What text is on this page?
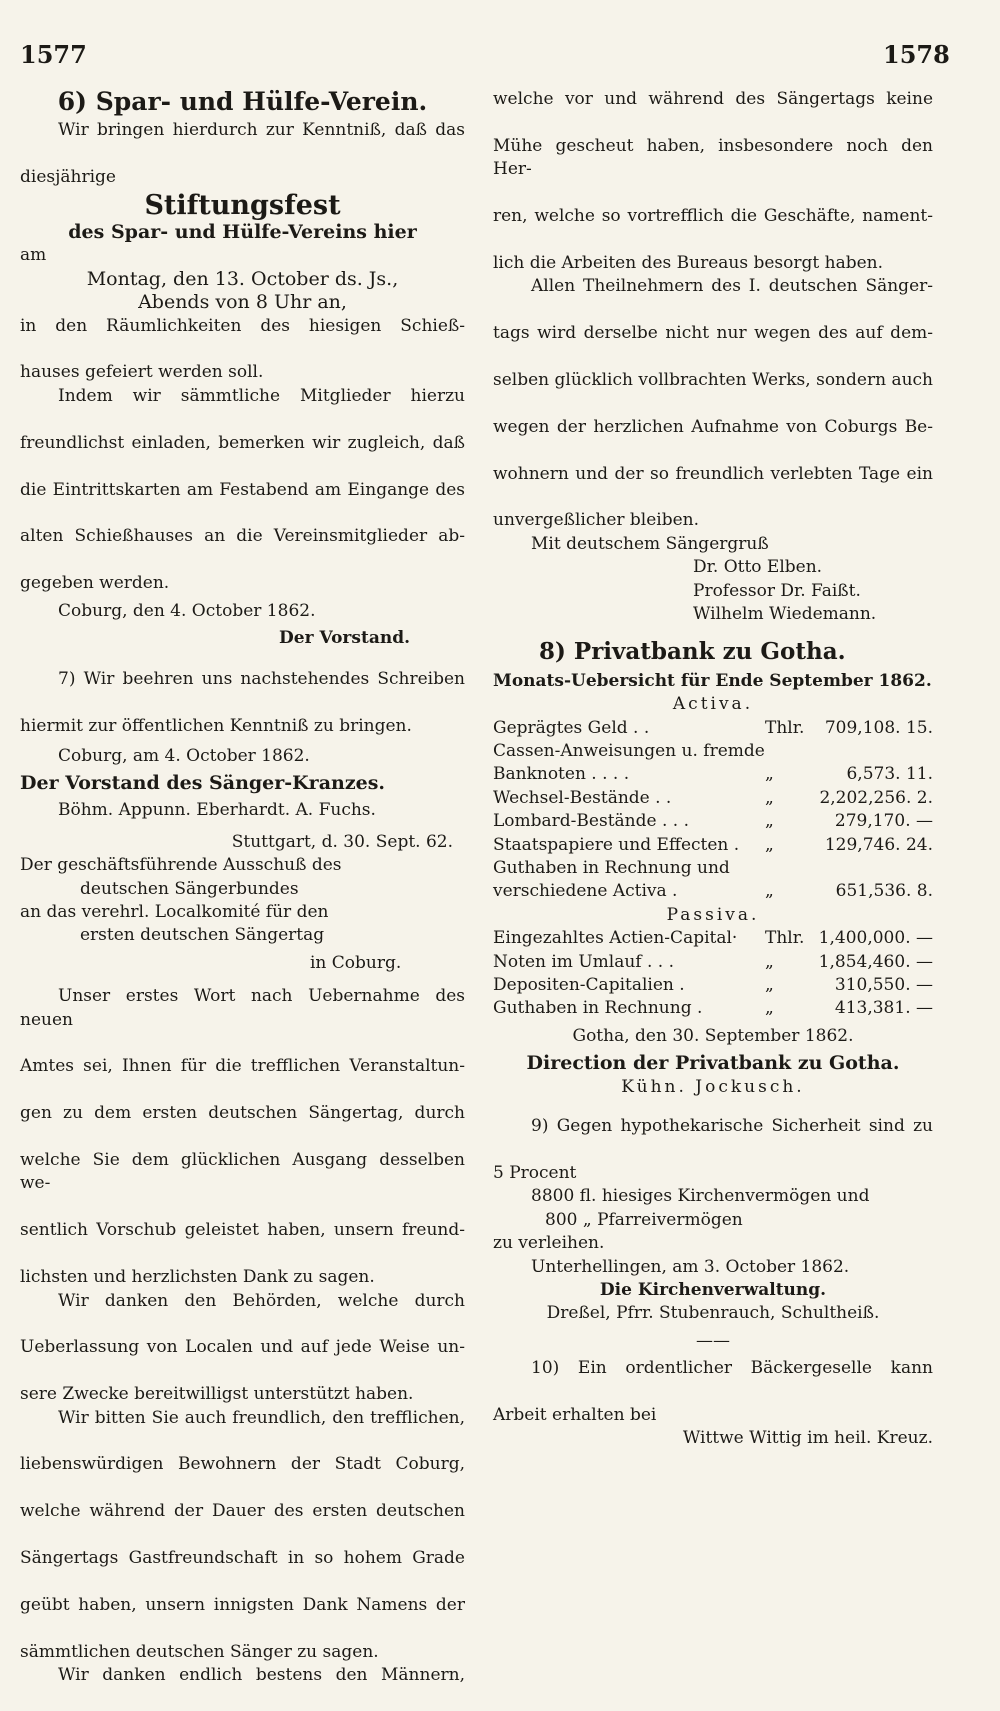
1577	1578
6) Spar- und Hülfe-Verein.
Wir bringen hierdurch zur Kenntniß, daß das
diesjährige
Stiftungsfest
des Spar- und Hülfe-Vereins hier
am
Montag, den 13. October ds. Js.,
Abends von 8 Uhr an,
in den Räumlichkeiten des hiesigen Schieß-
hauses gefeiert werden soll.
Indem wir sämmtliche Mitglieder hierzu
freundlichst einladen, bemerken wir zugleich, daß
die Eintrittskarten am Festabend am Eingange des
alten Schießhauses an die Vereinsmitglieder ab-
gegeben werden.
Coburg, den 4. October 1862.
Der Vorstand.
7) Wir beehren uns nachstehendes Schreiben
hiermit zur öffentlichen Kenntniß zu bringen.
Coburg, am 4. October 1862.
Der Vorstand des Sänger-Kranzes.
Böhm. Appunn. Eberhardt. A. Fuchs.
Stuttgart, d. 30. Sept. 62.
Der geschäftsführende Ausschuß des
deutschen Sängerbundes
an das verehrl. Localkomité für den
ersten deutschen Sängertag
in Coburg.
Unser erstes Wort nach Uebernahme des neuen
Amtes sei, Ihnen für die trefflichen Veranstaltun-
gen zu dem ersten deutschen Sängertag, durch
welche Sie dem glücklichen Ausgang desselben we-
sentlich Vorschub geleistet haben, unsern freund-
lichsten und herzlichsten Dank zu sagen.
Wir danken den Behörden, welche durch
Ueberlassung von Localen und auf jede Weise un-
sere Zwecke bereitwilligst unterstützt haben.
Wir bitten Sie auch freundlich, den trefflichen,
liebenswürdigen Bewohnern der Stadt Coburg,
welche während der Dauer des ersten deutschen
Sängertags Gastfreundschaft in so hohem Grade
geübt haben, unsern innigsten Dank Namens der
sämmtlichen deutschen Sänger zu sagen.
Wir danken endlich bestens den Männern,
welche vor und während des Sängertags keine
Mühe gescheut haben, insbesondere noch den Her-
ren, welche so vortrefflich die Geschäfte, nament-
lich die Arbeiten des Bureaus besorgt haben.
Allen Theilnehmern des I. deutschen Sänger-
tags wird derselbe nicht nur wegen des auf dem-
selben glücklich vollbrachten Werks, sondern auch
wegen der herzlichen Aufnahme von Coburgs Be-
wohnern und der so freundlich verlebten Tage ein
unvergeßlicher bleiben.
Mit deutschem Sängergruß
Dr. Otto Elben.
Professor Dr. Faißt.
Wilhelm Wiedemann.
8) Privatbank zu Gotha.
Monats-Uebersicht für Ende September 1862.
Activa.
Geprägtes Geld . .	Thlr.	709,108. 15.
Cassen-Anweisungen u. fremde
Banknoten . . . .	„	6,573. 11.
Wechsel-Bestände . .	„	2,202,256. 2.
Lombard-Bestände . . .	„	279,170. —
Staatspapiere und Effecten .	„	129,746. 24.
Guthaben in Rechnung und
verschiedene Activa .	„	651,536. 8.
Passiva.
Eingezahltes Actien-Capital·	Thlr. 1,400,000. —
Noten im Umlauf . . .	„	1,854,460. —
Depositen-Capitalien .	„	310,550. —
Guthaben in Rechnung .	„	413,381. —
Gotha, den 30. September 1862.
Direction der Privatbank zu Gotha.
Kühn. Jockusch.
9) Gegen hypothekarische Sicherheit sind zu
5 Procent
8800 fl. hiesiges Kirchenvermögen und
800 „ Pfarreivermögen
zu verleihen.
Unterhellingen, am 3. October 1862.
Die Kirchenverwaltung.
Dreßel, Pfrr. Stubenrauch, Schultheiß.
——
10) Ein ordentlicher Bäckergeselle kann
Arbeit erhalten bei
Wittwe Wittig im heil. Kreuz.
